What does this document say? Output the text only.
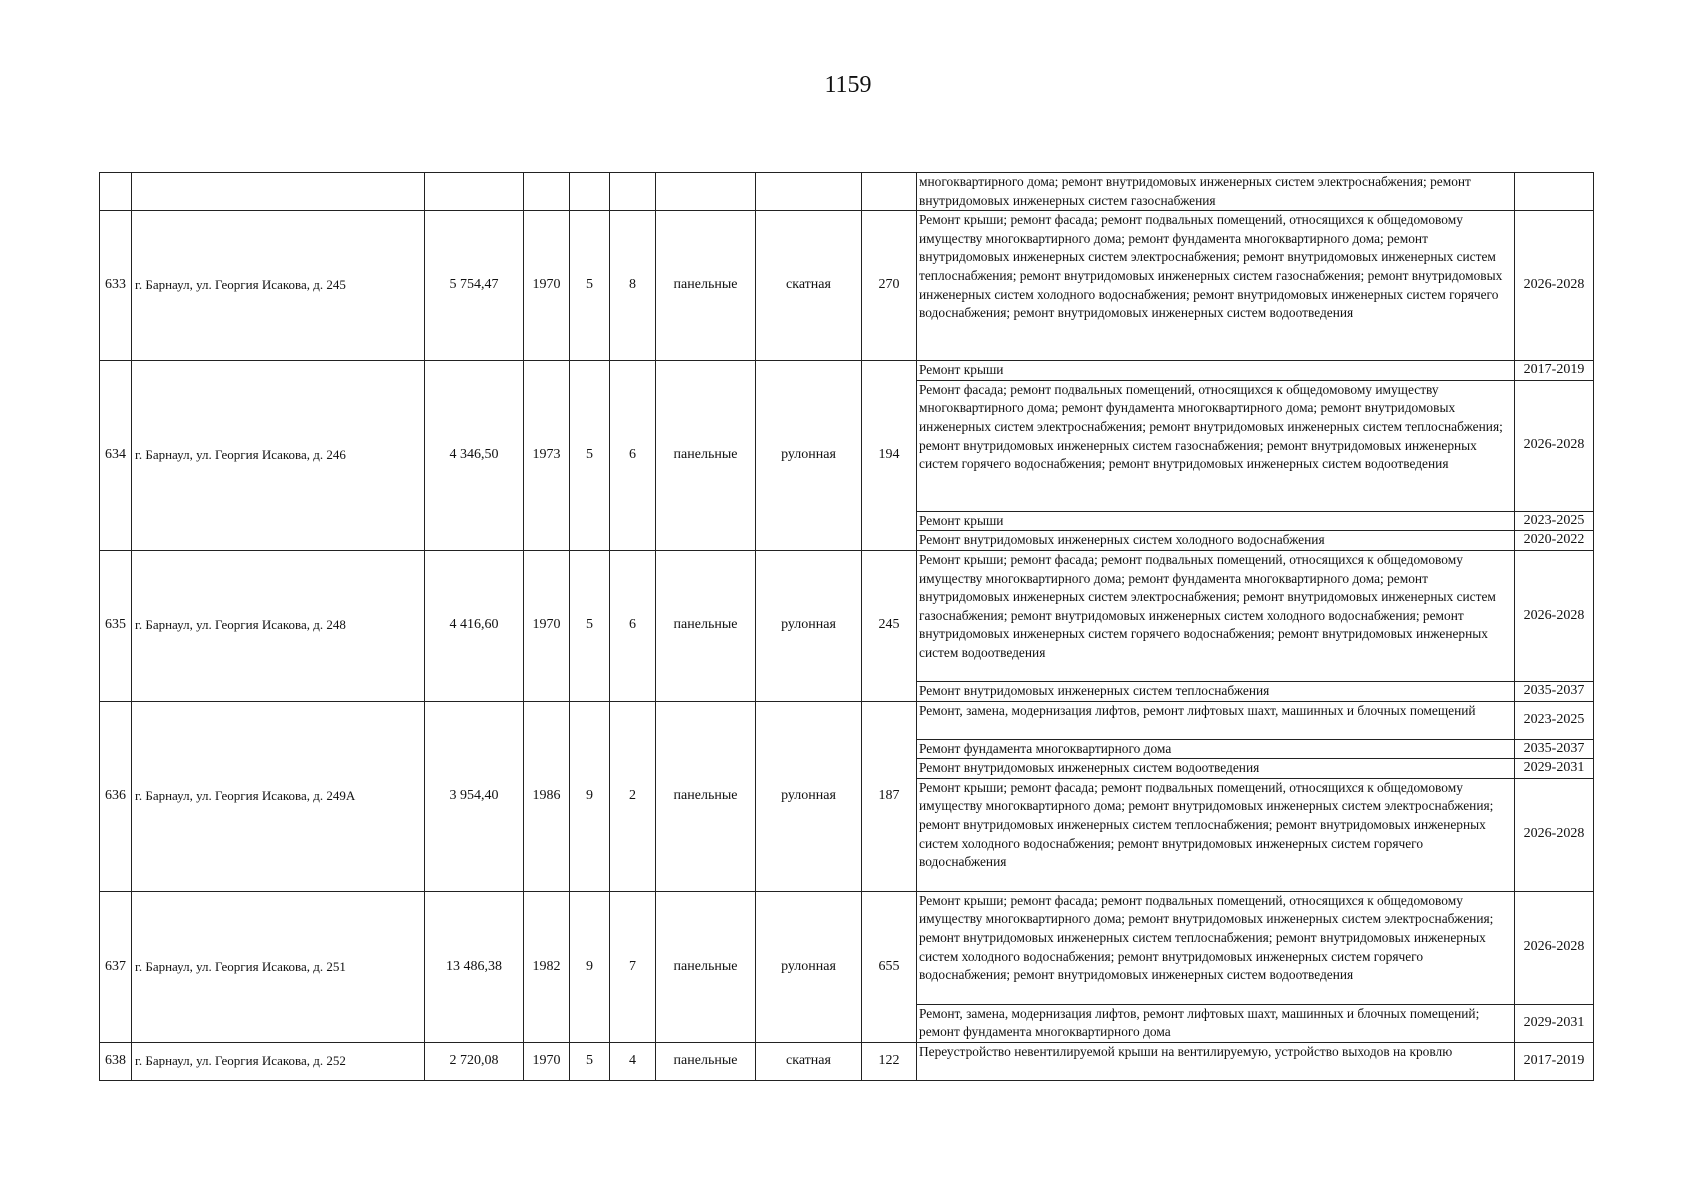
1159
									многоквартирного дома; ремонт внутридомовых инженерных систем электроснабжения; ремонт внутридомовых инженерных систем газоснабжения	
633	г. Барнаул, ул. Георгия Исакова, д. 245	5 754,47	1970	5	8	панельные	скатная	270	Ремонт крыши; ремонт фасада; ремонт подвальных помещений, относящихся к общедомовому имуществу многоквартирного дома; ремонт фундамента многоквартирного дома; ремонт внутридомовых инженерных систем электроснабжения; ремонт внутридомовых инженерных систем теплоснабжения; ремонт внутридомовых инженерных систем газоснабжения; ремонт внутридомовых инженерных систем холодного водоснабжения; ремонт внутридомовых инженерных систем горячего водоснабжения; ремонт внутридомовых инженерных систем водоотведения	2026-2028
634	г. Барнаул, ул. Георгия Исакова, д. 246	4 346,50	1973	5	6	панельные	рулонная	194	Ремонт крыши	2017-2019
									Ремонт фасада; ремонт подвальных помещений, относящихся к общедомовому имуществу многоквартирного дома; ремонт фундамента многоквартирного дома; ремонт внутридомовых инженерных систем электроснабжения; ремонт внутридомовых инженерных систем теплоснабжения; ремонт внутридомовых инженерных систем газоснабжения; ремонт внутридомовых инженерных систем горячего водоснабжения; ремонт внутридомовых инженерных систем водоотведения	2026-2028
									Ремонт крыши	2023-2025
									Ремонт внутридомовых инженерных систем холодного водоснабжения	2020-2022
635	г. Барнаул, ул. Георгия Исакова, д. 248	4 416,60	1970	5	6	панельные	рулонная	245	Ремонт крыши; ремонт фасада; ремонт подвальных помещений, относящихся к общедомовому имуществу многоквартирного дома; ремонт фундамента многоквартирного дома; ремонт внутридомовых инженерных систем электроснабжения; ремонт внутридомовых инженерных систем газоснабжения; ремонт внутридомовых инженерных систем холодного водоснабжения; ремонт внутридомовых инженерных систем горячего водоснабжения; ремонт внутридомовых инженерных систем водоотведения	2026-2028
									Ремонт внутридомовых инженерных систем теплоснабжения	2035-2037
636	г. Барнаул, ул. Георгия Исакова, д. 249А	3 954,40	1986	9	2	панельные	рулонная	187	Ремонт, замена, модернизация лифтов, ремонт лифтовых шахт, машинных и блочных помещений	2023-2025
									Ремонт фундамента многоквартирного дома	2035-2037
									Ремонт внутридомовых инженерных систем водоотведения	2029-2031
									Ремонт крыши; ремонт фасада; ремонт подвальных помещений, относящихся к общедомовому имуществу многоквартирного дома; ремонт внутридомовых инженерных систем электроснабжения; ремонт внутридомовых инженерных систем теплоснабжения; ремонт внутридомовых инженерных систем холодного водоснабжения; ремонт внутридомовых инженерных систем горячего водоснабжения	2026-2028
637	г. Барнаул, ул. Георгия Исакова, д. 251	13 486,38	1982	9	7	панельные	рулонная	655	Ремонт крыши; ремонт фасада; ремонт подвальных помещений, относящихся к общедомовому имуществу многоквартирного дома; ремонт внутридомовых инженерных систем электроснабжения; ремонт внутридомовых инженерных систем теплоснабжения; ремонт внутридомовых инженерных систем холодного водоснабжения; ремонт внутридомовых инженерных систем горячего водоснабжения; ремонт внутридомовых инженерных систем водоотведения	2026-2028
									Ремонт, замена, модернизация лифтов, ремонт лифтовых шахт, машинных и блочных помещений; ремонт фундамента многоквартирного дома	2029-2031
638	г. Барнаул, ул. Георгия Исакова, д. 252	2 720,08	1970	5	4	панельные	скатная	122	Переустройство невентилируемой крыши на вентилируемую, устройство выходов на кровлю	2017-2019
